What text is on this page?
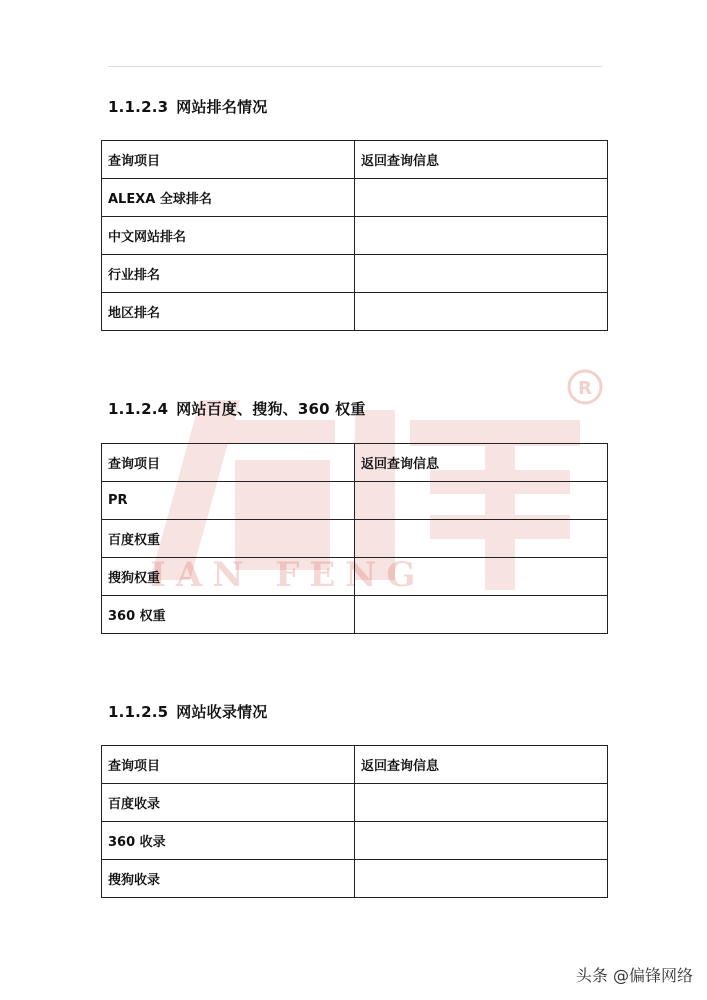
IAN FENG
R
1.1.2.3 网站排名情况
查询项目	返回查询信息
ALEXA 全球排名	
中文网站排名	
行业排名	
地区排名	
1.1.2.4 网站百度、搜狗、360 权重
查询项目	返回查询信息
PR	
百度权重	
搜狗权重	
360 权重	
1.1.2.5 网站收录情况
查询项目	返回查询信息
百度收录	
360 收录	
搜狗收录	
头条 @偏锋网络
